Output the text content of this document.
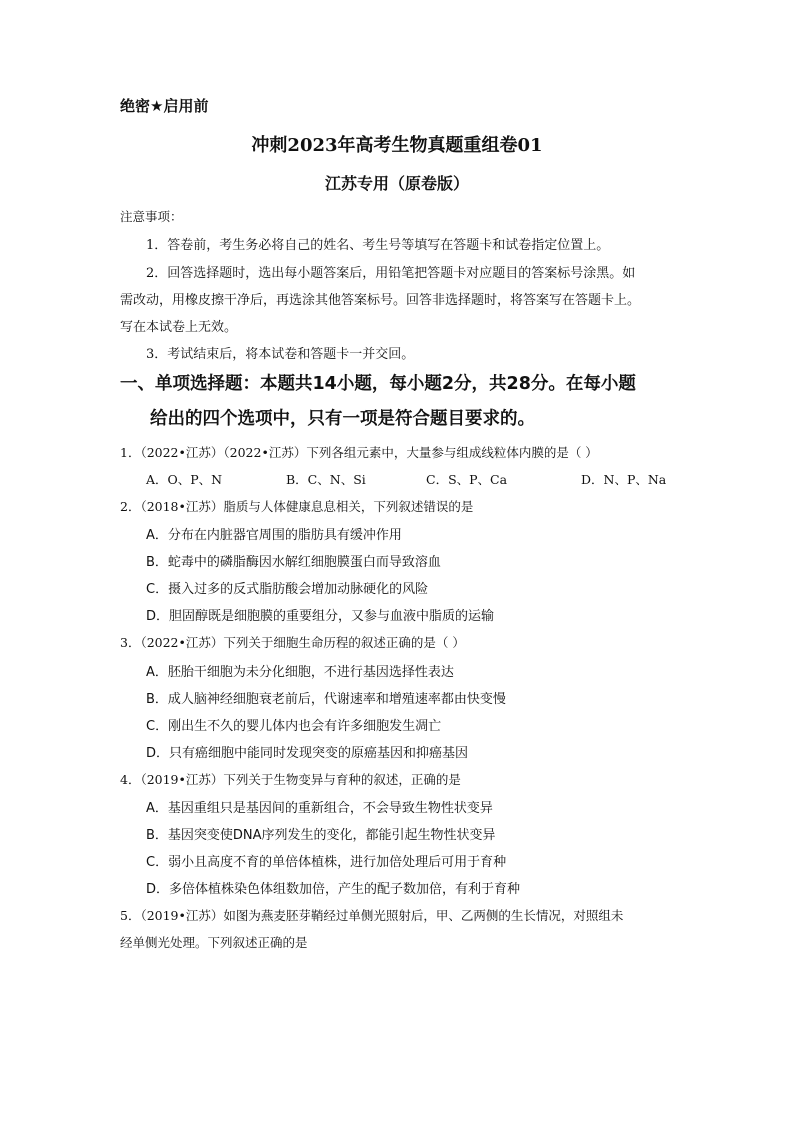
绝密★启用前
冲刺2023年高考生物真题重组卷01
江苏专用（原卷版）
注意事项：
1．答卷前，考生务必将自己的姓名、考生号等填写在答题卡和试卷指定位置上。
2．回答选择题时，选出每小题答案后，用铅笔把答题卡对应题目的答案标号涂黑。如
需改动，用橡皮擦干净后，再选涂其他答案标号。回答非选择题时，将答案写在答题卡上。
写在本试卷上无效。
3．考试结束后，将本试卷和答题卡一并交回。
一、单项选择题：本题共14小题，每小题2分，共28分。在每小题
给出的四个选项中，只有一项是符合题目要求的。
1．（2022•江苏）（2022•江苏）下列各组元素中，大量参与组成线粒体内膜的是（ ）
A．O、P、N	B．C、N、Si	C．S、P、Ca	D．N、P、Na
2．（2018•江苏）脂质与人体健康息息相关，下列叙述错误的是
A．分布在内脏器官周围的脂肪具有缓冲作用
B．蛇毒中的磷脂酶因水解红细胞膜蛋白而导致溶血
C．摄入过多的反式脂肪酸会增加动脉硬化的风险
D．胆固醇既是细胞膜的重要组分，又参与血液中脂质的运输
3．（2022•江苏）下列关于细胞生命历程的叙述正确的是（ ）
A．胚胎干细胞为未分化细胞，不进行基因选择性表达
B．成人脑神经细胞衰老前后，代谢速率和增殖速率都由快变慢
C．刚出生不久的婴儿体内也会有许多细胞发生凋亡
D．只有癌细胞中能同时发现突变的原癌基因和抑癌基因
4．（2019•江苏）下列关于生物变异与育种的叙述，正确的是
A．基因重组只是基因间的重新组合，不会导致生物性状变异
B．基因突变使DNA序列发生的变化，都能引起生物性状变异
C．弱小且高度不育的单倍体植株，进行加倍处理后可用于育种
D．多倍体植株染色体组数加倍，产生的配子数加倍，有利于育种
5．（2019•江苏）如图为燕麦胚芽鞘经过单侧光照射后，甲、乙两侧的生长情况，对照组未
经单侧光处理。下列叙述正确的是
